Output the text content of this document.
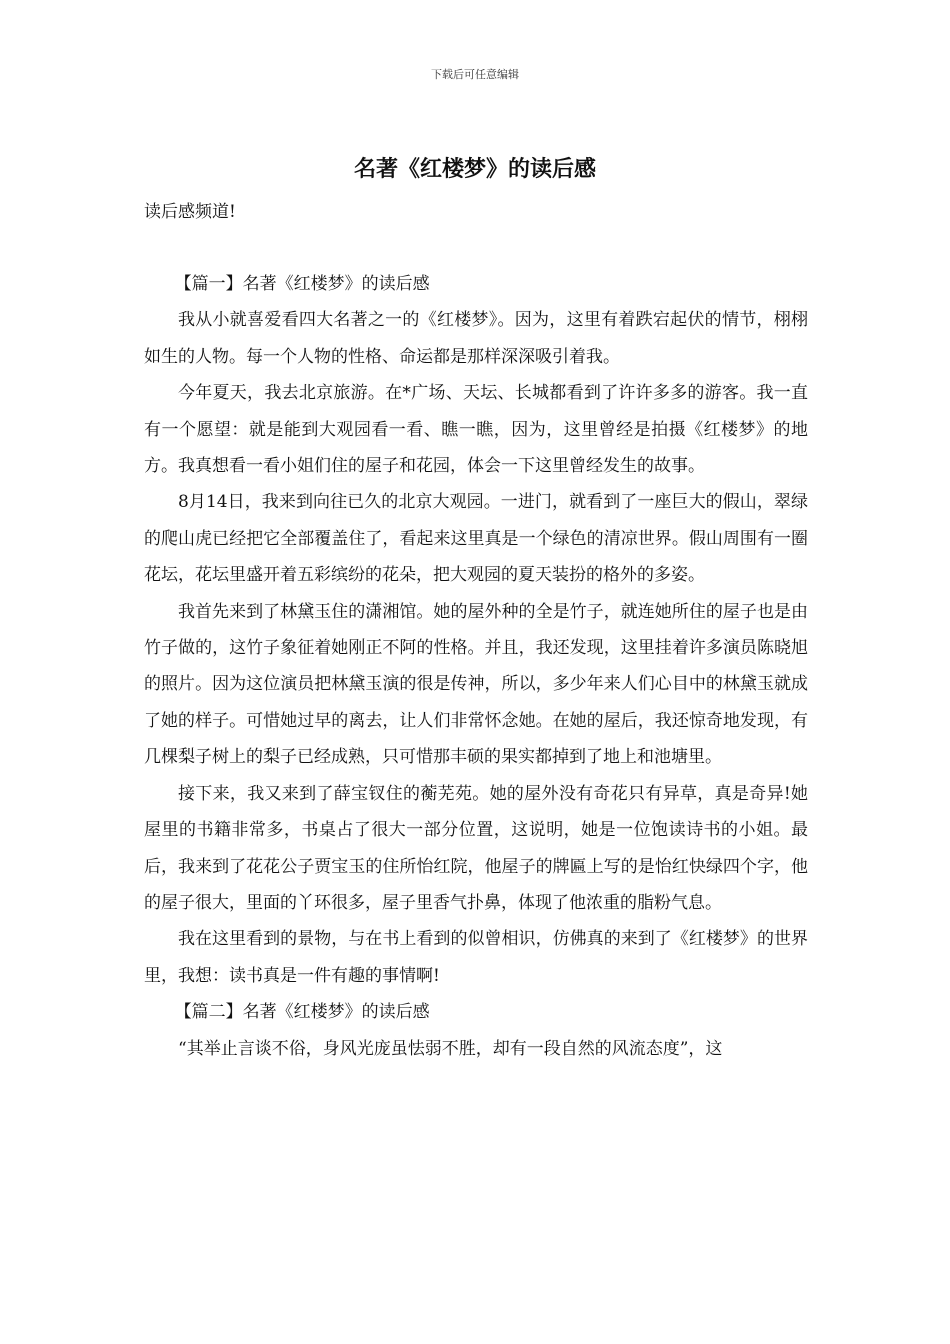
下载后可任意编辑
名著《红楼梦》的读后感
读后感频道!

【篇一】名著《红楼梦》的读后感

我从小就喜爱看四大名著之一的《红楼梦》。因为，这里有着跌宕起伏的情节，栩栩如生的人物。每一个人物的性格、命运都是那样深深吸引着我。

今年夏天，我去北京旅游。在*广场、天坛、长城都看到了许许多多的游客。我一直有一个愿望：就是能到大观园看一看、瞧一瞧，因为，这里曾经是拍摄《红楼梦》的地方。我真想看一看小姐们住的屋子和花园，体会一下这里曾经发生的故事。

8月14日，我来到向往已久的北京大观园。一进门，就看到了一座巨大的假山，翠绿的爬山虎已经把它全部覆盖住了，看起来这里真是一个绿色的清凉世界。假山周围有一圈花坛，花坛里盛开着五彩缤纷的花朵，把大观园的夏天装扮的格外的多姿。

我首先来到了林黛玉住的潇湘馆。她的屋外种的全是竹子，就连她所住的屋子也是由竹子做的，这竹子象征着她刚正不阿的性格。并且，我还发现，这里挂着许多演员陈晓旭的照片。因为这位演员把林黛玉演的很是传神，所以，多少年来人们心目中的林黛玉就成了她的样子。可惜她过早的离去，让人们非常怀念她。在她的屋后，我还惊奇地发现，有几棵梨子树上的梨子已经成熟，只可惜那丰硕的果实都掉到了地上和池塘里。

接下来，我又来到了薛宝钗住的蘅芜苑。她的屋外没有奇花只有异草，真是奇异!她屋里的书籍非常多，书桌占了很大一部分位置，这说明，她是一位饱读诗书的小姐。最后，我来到了花花公子贾宝玉的住所怡红院，他屋子的牌匾上写的是怡红快绿四个字，他的屋子很大，里面的丫环很多，屋子里香气扑鼻，体现了他浓重的脂粉气息。

我在这里看到的景物，与在书上看到的似曾相识，仿佛真的来到了《红楼梦》的世界里，我想：读书真是一件有趣的事情啊!

【篇二】名著《红楼梦》的读后感

“其举止言谈不俗，身风光庞虽怯弱不胜，却有一段自然的风流态度”，这
